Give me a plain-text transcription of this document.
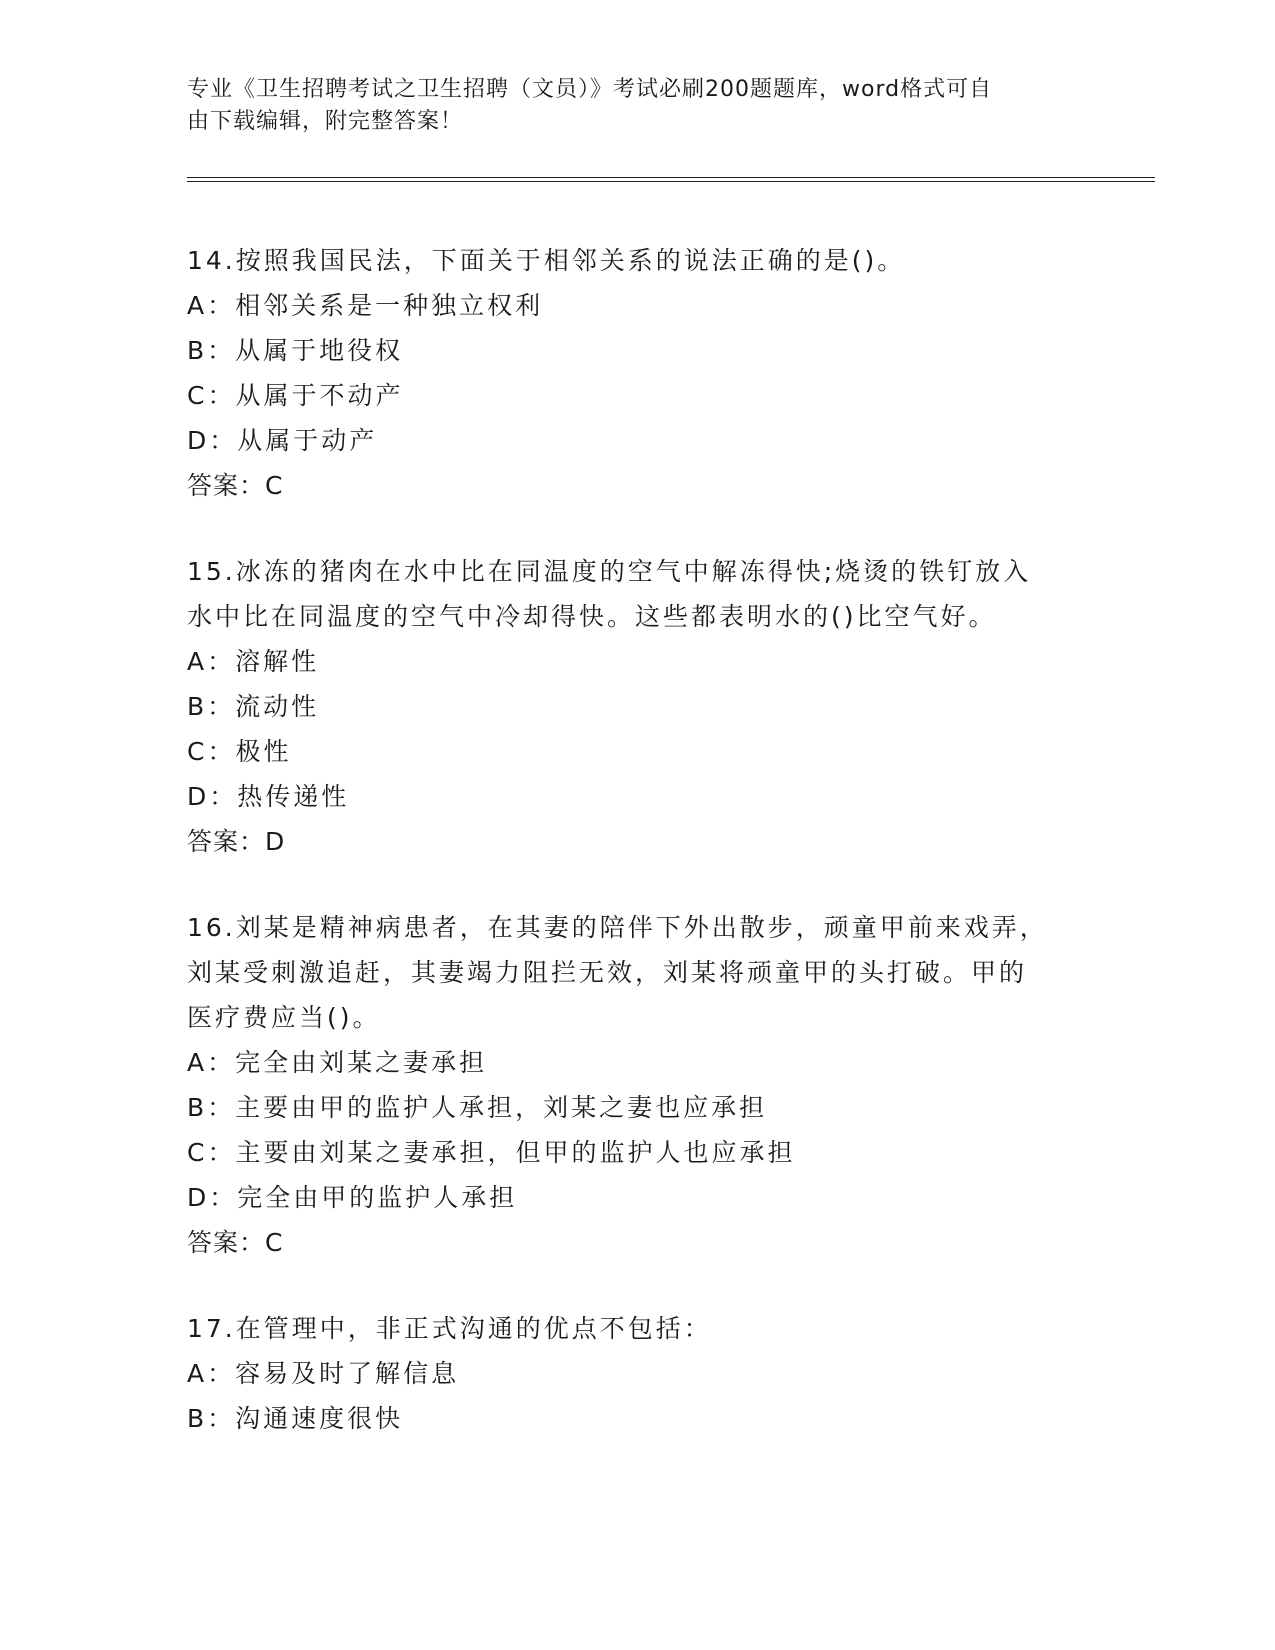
专业《卫生招聘考试之卫生招聘（文员）》考试必刷200题题库，word格式可自
由下载编辑，附完整答案！

14.按照我国民法，下面关于相邻关系的说法正确的是()。

A：相邻关系是一种独立权利

B：从属于地役权

C：从属于不动产

D：从属于动产

答案：C

15.冰冻的猪肉在水中比在同温度的空气中解冻得快;烧烫的铁钉放入

水中比在同温度的空气中冷却得快。这些都表明水的()比空气好。

A：溶解性

B：流动性

C：极性

D：热传递性

答案：D

16.刘某是精神病患者，在其妻的陪伴下外出散步，顽童甲前来戏弄，

刘某受刺激追赶，其妻竭力阻拦无效，刘某将顽童甲的头打破。甲的

医疗费应当()。

A：完全由刘某之妻承担

B：主要由甲的监护人承担，刘某之妻也应承担

C：主要由刘某之妻承担，但甲的监护人也应承担

D：完全由甲的监护人承担

答案：C

17.在管理中，非正式沟通的优点不包括：

A：容易及时了解信息

B：沟通速度很快
